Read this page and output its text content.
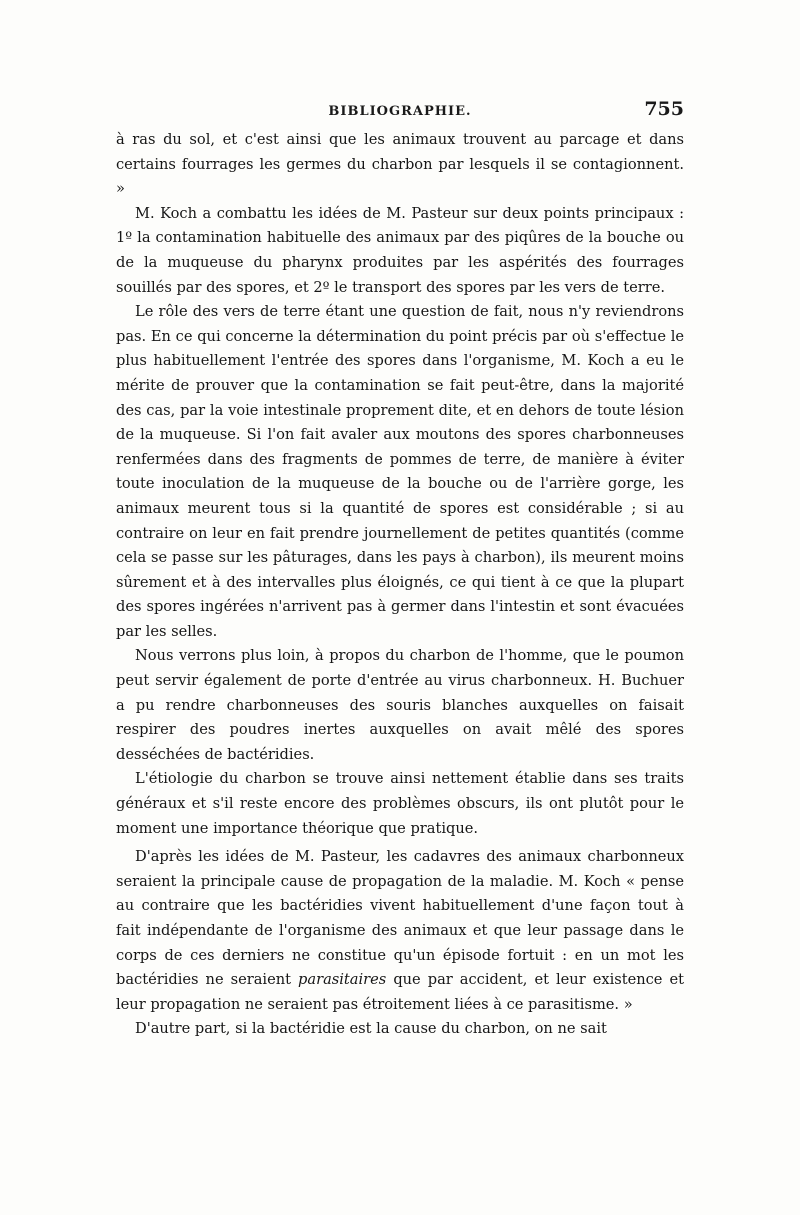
BIBLIOGRAPHIE.	755

à ras du sol, et c'est ainsi que les animaux trouvent au parcage et dans certains fourrages les germes du charbon par lesquels il se contagionnent. »

M. Koch a combattu les idées de M. Pasteur sur deux points principaux : 1º la contamination habituelle des animaux par des piqûres de la bouche ou de la muqueuse du pharynx produites par les aspérités des fourrages souillés par des spores, et 2º le transport des spores par les vers de terre.

Le rôle des vers de terre étant une question de fait, nous n'y reviendrons pas. En ce qui concerne la détermination du point précis par où s'effectue le plus habituellement l'entrée des spores dans l'organisme, M. Koch a eu le mérite de prouver que la contamination se fait peut-être, dans la majorité des cas, par la voie intestinale proprement dite, et en dehors de toute lésion de la muqueuse. Si l'on fait avaler aux moutons des spores charbonneuses renfermées dans des fragments de pommes de terre, de manière à éviter toute inoculation de la muqueuse de la bouche ou de l'arrière gorge, les animaux meurent tous si la quantité de spores est considérable ; si au contraire on leur en fait prendre journellement de petites quantités (comme cela se passe sur les pâturages, dans les pays à charbon), ils meurent moins sûrement et à des intervalles plus éloignés, ce qui tient à ce que la plupart des spores ingérées n'arrivent pas à germer dans l'intestin et sont évacuées par les selles.

Nous verrons plus loin, à propos du charbon de l'homme, que le poumon peut servir également de porte d'entrée au virus charbonneux. H. Buchuer a pu rendre charbonneuses des souris blanches auxquelles on faisait respirer des poudres inertes auxquelles on avait mêlé des spores desséchées de bactéridies.

L'étiologie du charbon se trouve ainsi nettement établie dans ses traits généraux et s'il reste encore des problèmes obscurs, ils ont plutôt pour le moment une importance théorique que pratique.

D'après les idées de M. Pasteur, les cadavres des animaux charbonneux seraient la principale cause de propagation de la maladie. M. Koch « pense au contraire que les bactéridies vivent habituellement d'une façon tout à fait indépendante de l'organisme des animaux et que leur passage dans le corps de ces derniers ne constitue qu'un épisode fortuit : en un mot les bactéridies ne seraient parasitaires que par accident, et leur existence et leur propagation ne seraient pas étroitement liées à ce parasitisme. »

D'autre part, si la bactéridie est la cause du charbon, on ne sait
